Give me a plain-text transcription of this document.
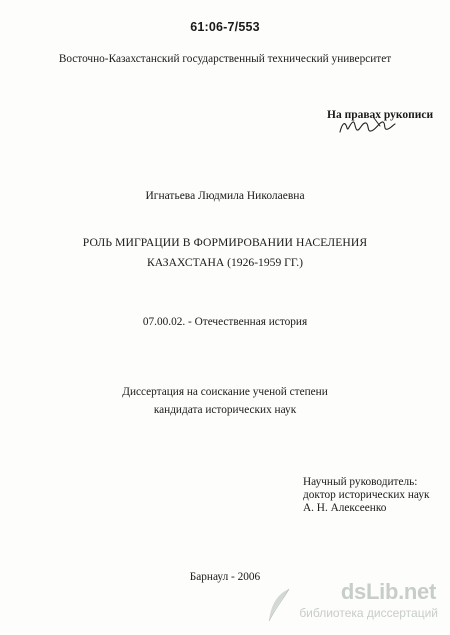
61:06-7/553
Восточно-Казахстанский государственный технический университет
На правах рукописи
Игнатьева Людмила Николаевна
РОЛЬ МИГРАЦИИ В ФОРМИРОВАНИИ НАСЕЛЕНИЯ
КАЗАХСТАНА (1926-1959 ГГ.)
07.00.02. - Отечественная история
Диссертация на соискание ученой степени
кандидата исторических наук
Научный руководитель:
доктор исторических наук
А. Н. Алексеенко
Барнаул - 2006
dsLib.net
библиотека диссертаций
